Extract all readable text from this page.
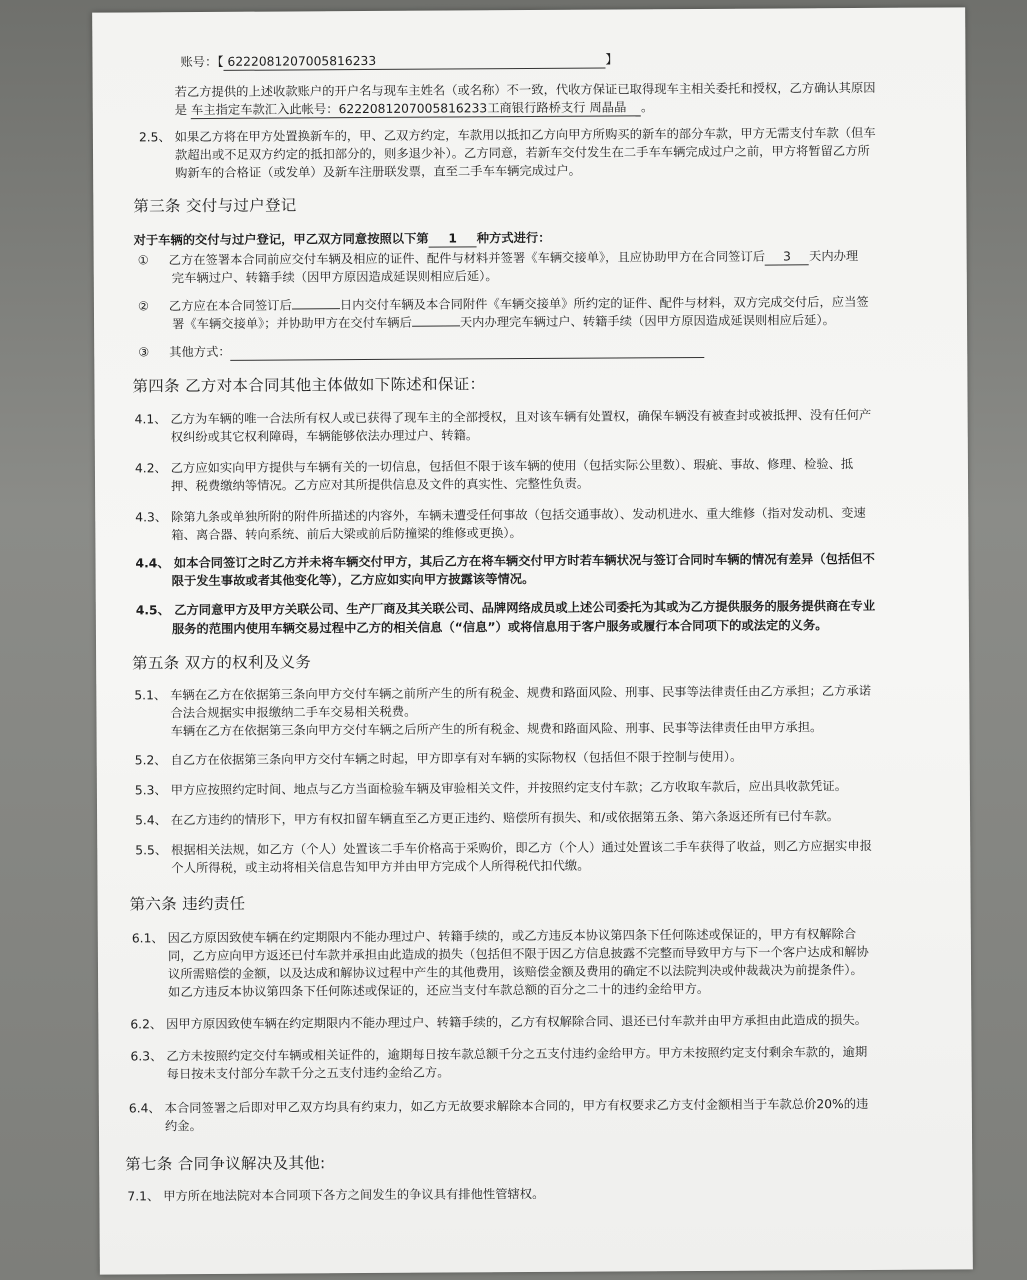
账号：【 6222081207005816233	】
若乙方提供的上述收款账户的开户名与现车主姓名（或名称）不一致，代收方保证已取得现车主相关委托和授权，乙方确认其原因
是 车主指定车款汇入此帐号：6222081207005816233工商银行路桥支行 周晶晶 。
2.5、 如果乙方将在甲方处置换新车的，甲、乙双方约定，车款用以抵扣乙方向甲方所购买的新车的部分车款，甲方无需支付车款（但车
款超出或不足双方约定的抵扣部分的，则多退少补）。乙方同意，若新车交付发生在二手车车辆完成过户之前，甲方将暂留乙方所
购新车的合格证（或发单）及新车注册联发票，直至二手车车辆完成过户。
第三条 交付与过户登记
对于车辆的交付与过户登记，甲乙双方同意按照以下第 1 种方式进行：
① 乙方在签署本合同前应交付车辆及相应的证件、配件与材料并签署《车辆交接单》，且应协助甲方在合同签订后 3 天内办理
完车辆过户、转籍手续（因甲方原因造成延误则相应后延）。
② 乙方应在本合同签订后	日内交付车辆及本合同附件《车辆交接单》所约定的证件、配件与材料，双方完成交付后，应当签
署《车辆交接单》；并协助甲方在交付车辆后	天内办理完车辆过户、转籍手续（因甲方原因造成延误则相应后延）。
③ 其他方式：
第四条 乙方对本合同其他主体做如下陈述和保证：
4.1、 乙方为车辆的唯一合法所有权人或已获得了现车主的全部授权，且对该车辆有处置权，确保车辆没有被查封或被抵押、没有任何产
权纠纷或其它权利障碍，车辆能够依法办理过户、转籍。
4.2、 乙方应如实向甲方提供与车辆有关的一切信息，包括但不限于该车辆的使用（包括实际公里数）、瑕疵、事故、修理、检验、抵
押、税费缴纳等情况。乙方应对其所提供信息及文件的真实性、完整性负责。
4.3、 除第九条或单独所附的附件所描述的内容外，车辆未遭受任何事故（包括交通事故）、发动机进水、重大维修（指对发动机、变速
箱、离合器、转向系统、前后大梁或前后防撞梁的维修或更换）。
4.4、 如本合同签订之时乙方并未将车辆交付甲方，其后乙方在将车辆交付甲方时若车辆状况与签订合同时车辆的情况有差异（包括但不
限于发生事故或者其他变化等），乙方应如实向甲方披露该等情况。
4.5、 乙方同意甲方及甲方关联公司、生产厂商及其关联公司、品牌网络成员或上述公司委托为其或为乙方提供服务的服务提供商在专业
服务的范围内使用车辆交易过程中乙方的相关信息（“信息”）或将信息用于客户服务或履行本合同项下的或法定的义务。
第五条 双方的权利及义务
5.1、 车辆在乙方在依据第三条向甲方交付车辆之前所产生的所有税金、规费和路面风险、刑事、民事等法律责任由乙方承担；乙方承诺
合法合规据实申报缴纳二手车交易相关税费。
车辆在乙方在依据第三条向甲方交付车辆之后所产生的所有税金、规费和路面风险、刑事、民事等法律责任由甲方承担。
5.2、 自乙方在依据第三条向甲方交付车辆之时起，甲方即享有对车辆的实际物权（包括但不限于控制与使用）。
5.3、 甲方应按照约定时间、地点与乙方当面检验车辆及审验相关文件，并按照约定支付车款；乙方收取车款后，应出具收款凭证。
5.4、 在乙方违约的情形下，甲方有权扣留车辆直至乙方更正违约、赔偿所有损失、和/或依据第五条、第六条返还所有已付车款。
5.5、 根据相关法规，如乙方（个人）处置该二手车价格高于采购价，即乙方（个人）通过处置该二手车获得了收益，则乙方应据实申报
个人所得税，或主动将相关信息告知甲方并由甲方完成个人所得税代扣代缴。
第六条 违约责任
6.1、 因乙方原因致使车辆在约定期限内不能办理过户、转籍手续的，或乙方违反本协议第四条下任何陈述或保证的，甲方有权解除合
同，乙方应向甲方返还已付车款并承担由此造成的损失（包括但不限于因乙方信息披露不完整而导致甲方与下一个客户达成和解协
议所需赔偿的金额，以及达成和解协议过程中产生的其他费用，该赔偿金额及费用的确定不以法院判决或仲裁裁决为前提条件）。
如乙方违反本协议第四条下任何陈述或保证的，还应当支付车款总额的百分之二十的违约金给甲方。
6.2、 因甲方原因致使车辆在约定期限内不能办理过户、转籍手续的，乙方有权解除合同、退还已付车款并由甲方承担由此造成的损失。
6.3、 乙方未按照约定交付车辆或相关证件的，逾期每日按车款总额千分之五支付违约金给甲方。甲方未按照约定支付剩余车款的，逾期
每日按未支付部分车款千分之五支付违约金给乙方。
6.4、 本合同签署之后即对甲乙双方均具有约束力，如乙方无故要求解除本合同的，甲方有权要求乙方支付金额相当于车款总价20%的违
约金。
第七条 合同争议解决及其他:
7.1、 甲方所在地法院对本合同项下各方之间发生的争议具有排他性管辖权。
